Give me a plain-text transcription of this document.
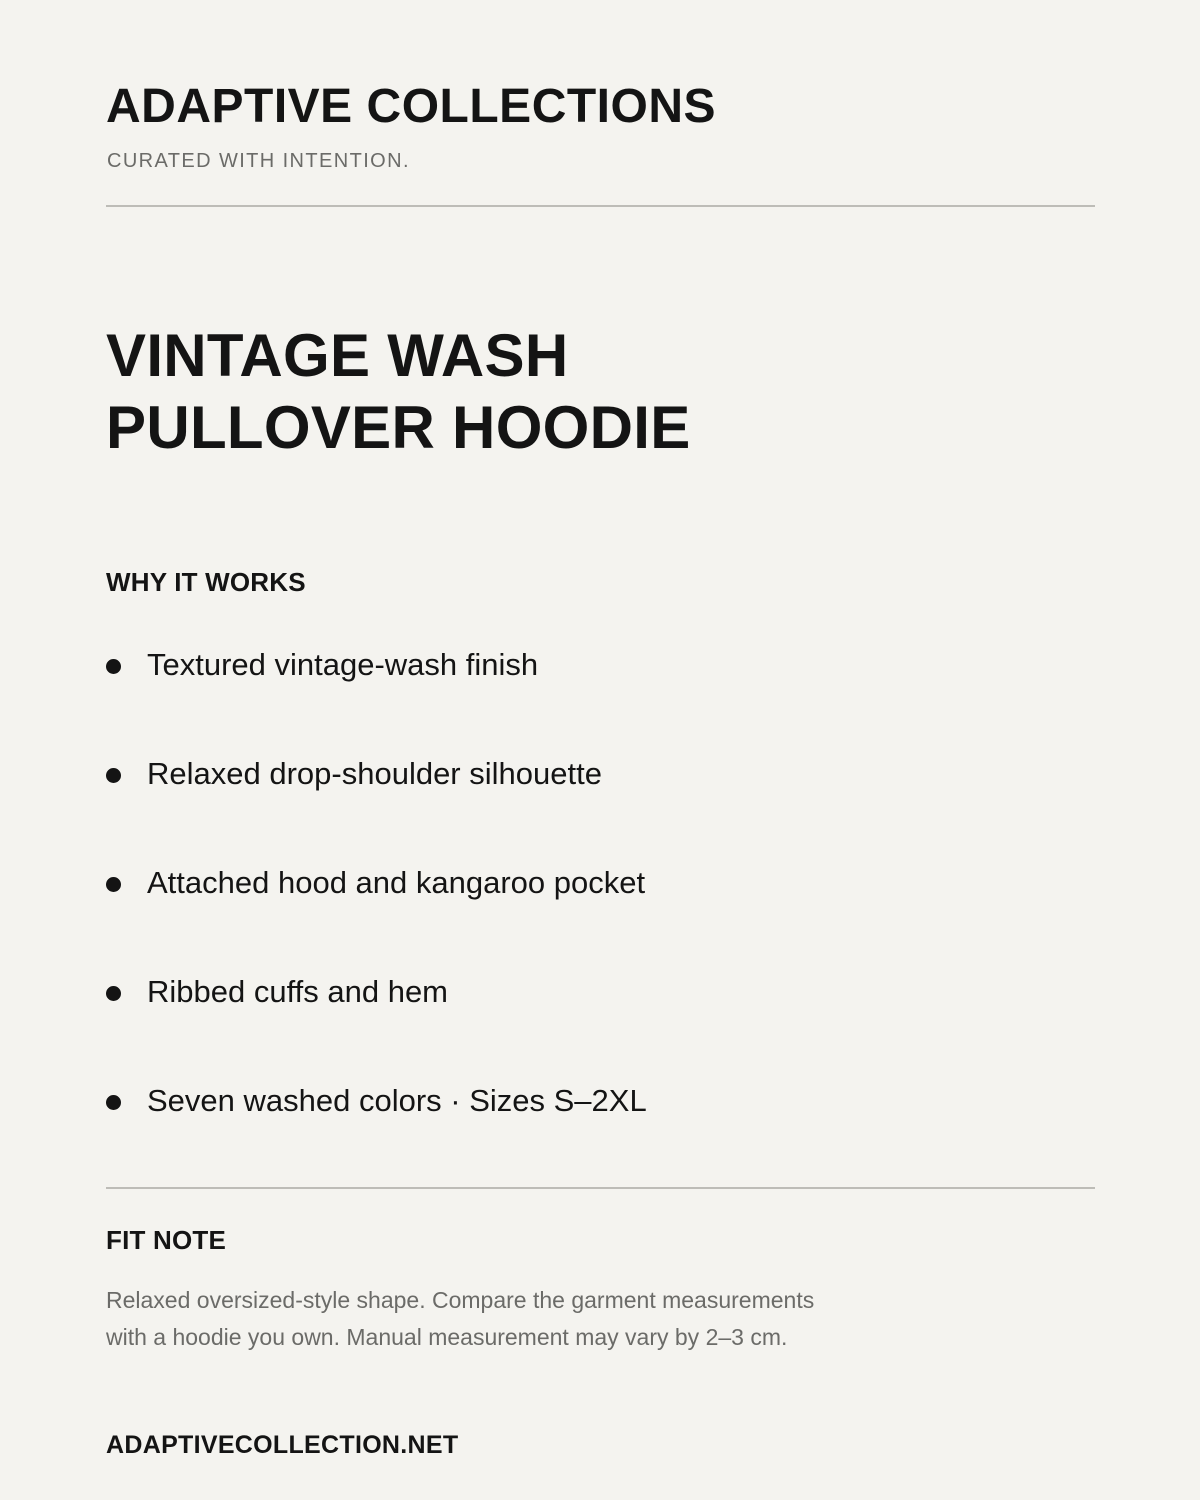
ADAPTIVE COLLECTIONS
CURATED WITH INTENTION.
VINTAGE WASH
PULLOVER HOODIE
WHY IT WORKS
Textured vintage-wash finish
Relaxed drop-shoulder silhouette
Attached hood and kangaroo pocket
Ribbed cuffs and hem
Seven washed colors · Sizes S–2XL
FIT NOTE

Relaxed oversized-style shape. Compare the garment measurements
with a hoodie you own. Manual measurement may vary by 2–3 cm.

ADAPTIVECOLLECTION.NET
